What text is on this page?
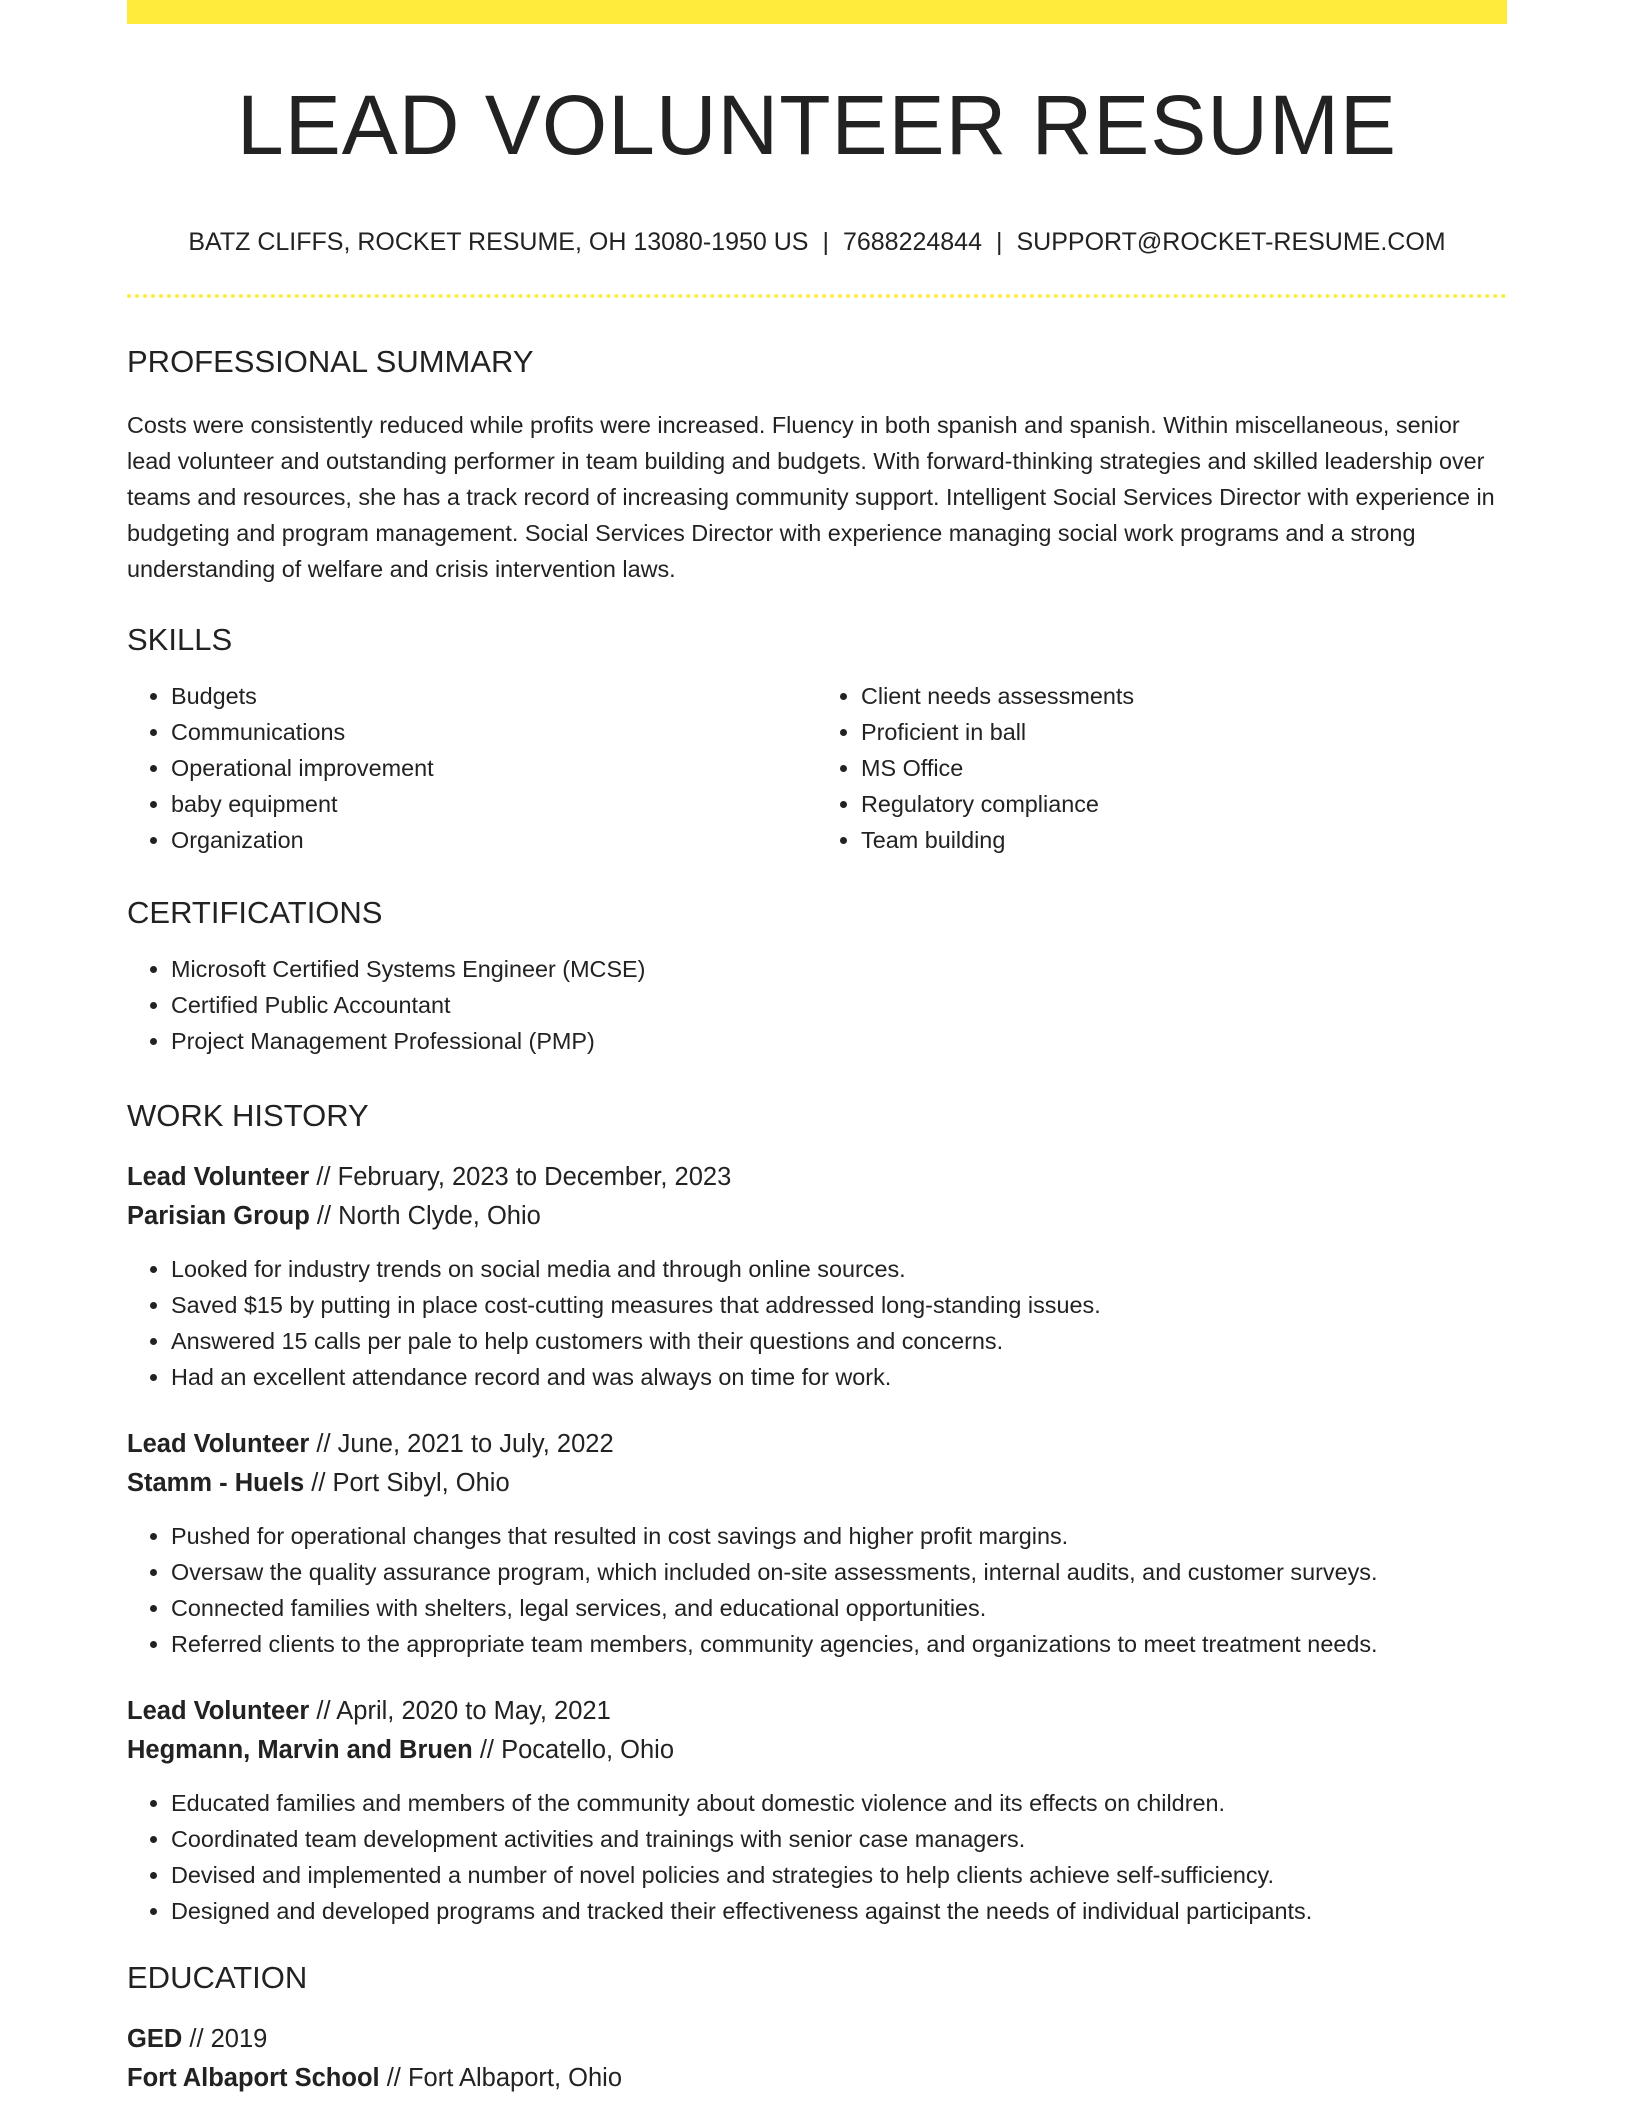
LEAD VOLUNTEER RESUME
BATZ CLIFFS, ROCKET RESUME, OH 13080-1950 US | 7688224844 | SUPPORT@ROCKET-RESUME.COM
PROFESSIONAL SUMMARY

Costs were consistently reduced while profits were increased. Fluency in both spanish and spanish. Within miscellaneous, senior lead volunteer and outstanding performer in team building and budgets. With forward-thinking strategies and skilled leadership over teams and resources, she has a track record of increasing community support. Intelligent Social Services Director with experience in budgeting and program management. Social Services Director with experience managing social work programs and a strong understanding of welfare and crisis intervention laws.

SKILLS
• Budgets
• Communications
• Operational improvement
• baby equipment
• Organization
• Client needs assessments
• Proficient in ball
• MS Office
• Regulatory compliance
• Team building
CERTIFICATIONS
• Microsoft Certified Systems Engineer (MCSE)
• Certified Public Accountant
• Project Management Professional (PMP)
WORK HISTORY
Lead Volunteer // February, 2023 to December, 2023
Parisian Group // North Clyde, Ohio
• Looked for industry trends on social media and through online sources.
• Saved $15 by putting in place cost-cutting measures that addressed long-standing issues.
• Answered 15 calls per pale to help customers with their questions and concerns.
• Had an excellent attendance record and was always on time for work.
Lead Volunteer // June, 2021 to July, 2022
Stamm - Huels // Port Sibyl, Ohio
• Pushed for operational changes that resulted in cost savings and higher profit margins.
• Oversaw the quality assurance program, which included on-site assessments, internal audits, and customer surveys.
• Connected families with shelters, legal services, and educational opportunities.
• Referred clients to the appropriate team members, community agencies, and organizations to meet treatment needs.
Lead Volunteer // April, 2020 to May, 2021
Hegmann, Marvin and Bruen // Pocatello, Ohio
• Educated families and members of the community about domestic violence and its effects on children.
• Coordinated team development activities and trainings with senior case managers.
• Devised and implemented a number of novel policies and strategies to help clients achieve self-sufficiency.
• Designed and developed programs and tracked their effectiveness against the needs of individual participants.
EDUCATION
GED // 2019
Fort Albaport School // Fort Albaport, Ohio
